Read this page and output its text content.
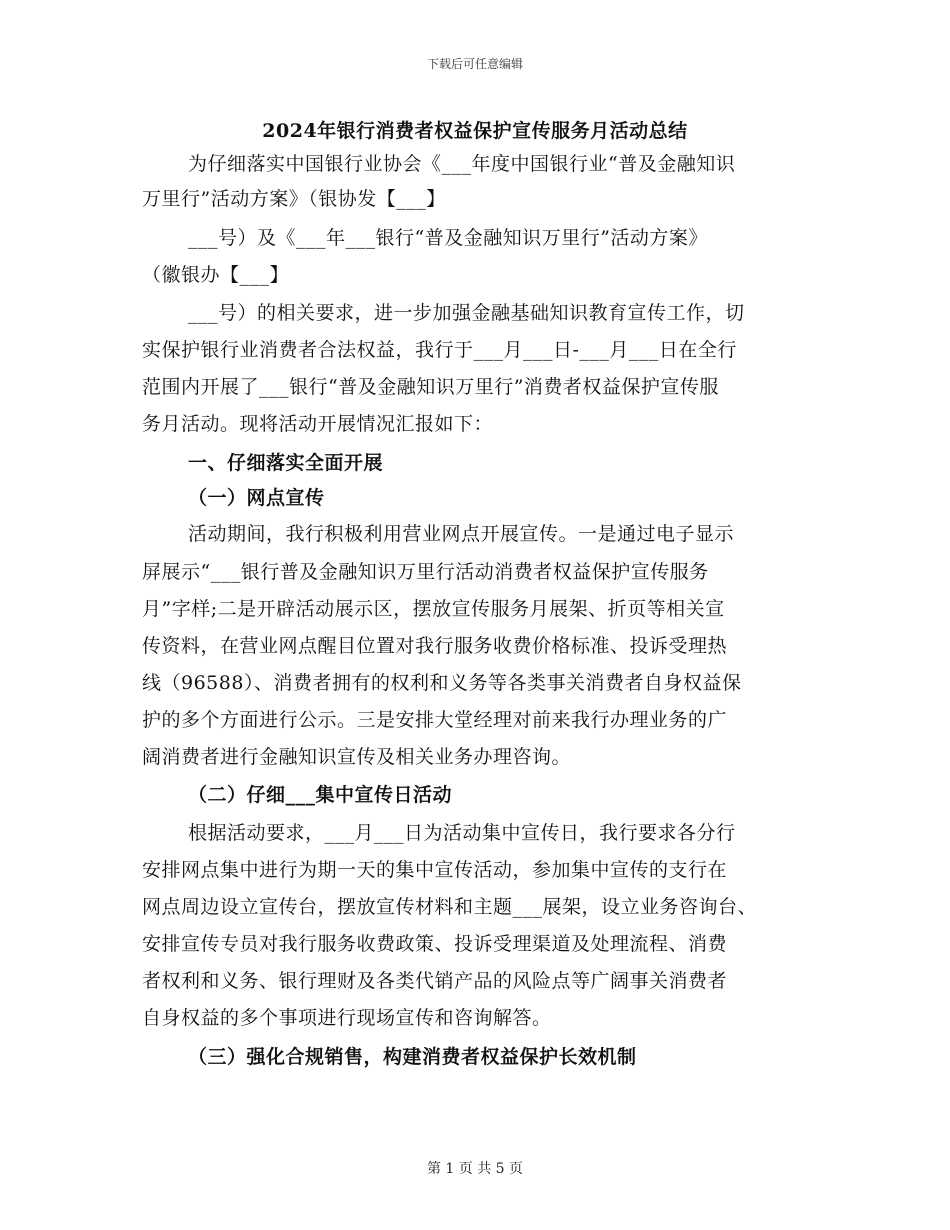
下载后可任意编辑
2024年银行消费者权益保护宣传服务月活动总结
为仔细落实中国银行业协会《___年度中国银行业“普及金融知识
万里行”活动方案》（银协发【___】
___号）及《___年___银行“普及金融知识万里行”活动方案》
（徽银办【___】
___号）的相关要求，进一步加强金融基础知识教育宣传工作，切
实保护银行业消费者合法权益，我行于___月___日-___月___日在全行
范围内开展了___银行“普及金融知识万里行”消费者权益保护宣传服
务月活动。现将活动开展情况汇报如下：
一、仔细落实全面开展
（一）网点宣传
活动期间，我行积极利用营业网点开展宣传。一是通过电子显示
屏展示“___银行普及金融知识万里行活动消费者权益保护宣传服务
月”字样;二是开辟活动展示区，摆放宣传服务月展架、折页等相关宣
传资料，在营业网点醒目位置对我行服务收费价格标准、投诉受理热
线（96588）、消费者拥有的权利和义务等各类事关消费者自身权益保
护的多个方面进行公示。三是安排大堂经理对前来我行办理业务的广
阔消费者进行金融知识宣传及相关业务办理咨询。
（二）仔细___集中宣传日活动
根据活动要求，___月___日为活动集中宣传日，我行要求各分行
安排网点集中进行为期一天的集中宣传活动，参加集中宣传的支行在
网点周边设立宣传台，摆放宣传材料和主题___展架，设立业务咨询台、
安排宣传专员对我行服务收费政策、投诉受理渠道及处理流程、消费
者权利和义务、银行理财及各类代销产品的风险点等广阔事关消费者
自身权益的多个事项进行现场宣传和咨询解答。
（三）强化合规销售，构建消费者权益保护长效机制
第 1 页 共 5 页
